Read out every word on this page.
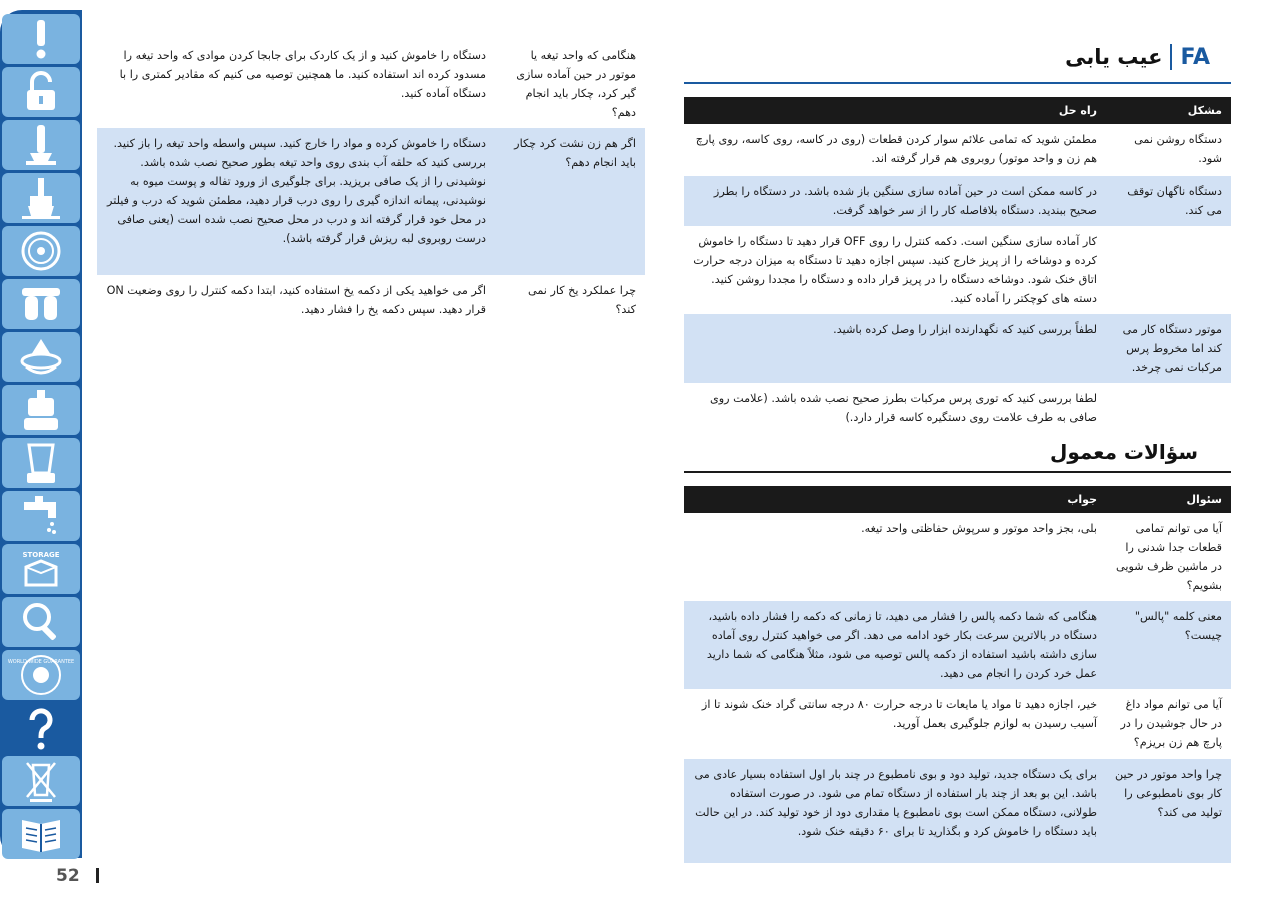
STORAGE
WORLD-WIDE GUARANTEE
52
عیب یابی FA
مشکل	راه حل
دستگاه روشن نمی شود.	مطمئن شوید که تمامی علائم سوار کردن قطعات (روی در کاسه، روی کاسه، روی پارچ هم زن و واحد موتور) روبروی هم قرار گرفته اند.
دستگاه ناگهان توقف می کند.	در کاسه ممکن است در حین آماده سازی سنگین باز شده باشد. در دستگاه را بطرز صحیح ببندید. دستگاه بلافاصله کار را از سر خواهد گرفت.
	کار آماده سازی سنگین است. دکمه کنترل را روی OFF قرار دهید تا دستگاه را خاموش کرده و دوشاخه را از پریز خارج کنید. سپس اجازه دهید تا دستگاه به میزان درجه حرارت اتاق خنک شود. دوشاخه دستگاه را در پریز قرار داده و دستگاه را مجددا روشن کنید. دسته های کوچکتر را آماده کنید.
موتور دستگاه کار می کند اما مخروط پرس مرکبات نمی چرخد.	لطفاً بررسی کنید که نگهدارنده ابزار را وصل کرده باشید.
	لطفا بررسی کنید که توری پرس مرکبات بطرز صحیح نصب شده باشد. (علامت روی صافی به طرف علامت روی دستگیره کاسه قرار دارد.)
سؤالات معمول
سئوال	جواب
آیا می توانم تمامی قطعات جدا شدنی را در ماشین ظرف شویی بشویم؟	بلی، بجز واحد موتور و سرپوش حفاظتی واحد تیغه.
معنی کلمه "پالس" چیست؟	هنگامی که شما دکمه پالس را فشار می دهید، تا زمانی که دکمه را فشار داده باشید، دستگاه در بالاترین سرعت بکار خود ادامه می دهد. اگر می خواهید کنترل روی آماده سازی داشته باشید استفاده از دکمه پالس توصیه می شود، مثلاً هنگامی که شما دارید عمل خرد کردن را انجام می دهید.
آیا می توانم مواد داغ در حال جوشیدن را در پارچ هم زن بریزم؟	خیر، اجازه دهید تا مواد یا مایعات تا درجه حرارت ۸۰ درجه سانتی گراد خنک شوند تا از آسیب رسیدن به لوازم جلوگیری بعمل آورید.
چرا واحد موتور در حین کار بوی نامطبوعی را تولید می کند؟	برای یک دستگاه جدید، تولید دود و بوی نامطبوع در چند بار اول استفاده بسیار عادی می باشد. این بو بعد از چند بار استفاده از دستگاه تمام می شود. در صورت استفاده طولانی، دستگاه ممکن است بوی نامطبوع یا مقداری دود از خود تولید کند. در این حالت باید دستگاه را خاموش کرد و بگذارید تا برای ۶۰ دقیقه خنک شود.
هنگامی که واحد تیغه یا موتور در حین آماده سازی گیر کرد، چکار باید انجام دهم؟	دستگاه را خاموش کنید و از یک کاردک برای جابجا کردن موادی که واحد تیغه را مسدود کرده اند استفاده کنید. ما همچنین توصیه می کنیم که مقادیر کمتری را با دستگاه آماده کنید.
اگر هم زن نشت کرد چکار باید انجام دهم؟	دستگاه را خاموش کرده و مواد را خارج کنید. سپس واسطه واحد تیغه را باز کنید. بررسی کنید که حلقه آب بندی روی واحد تیغه بطور صحیح نصب شده باشد. نوشیدنی را از یک صافی بریزید. برای جلوگیری از ورود تفاله و پوست میوه به نوشیدنی، پیمانه اندازه گیری را روی درب قرار دهید، مطمئن شوید که درب و فیلتر در محل خود قرار گرفته اند و درب در محل صحیح نصب شده است (یعنی صافی درست روبروی لبه ریزش قرار گرفته باشد).
چرا عملکرد یخ کار نمی کند؟	اگر می خواهید یکی از دکمه یخ استفاده کنید، ابتدا دکمه کنترل را روی وضعیت ON قرار دهید. سپس دکمه یخ را فشار دهید.
